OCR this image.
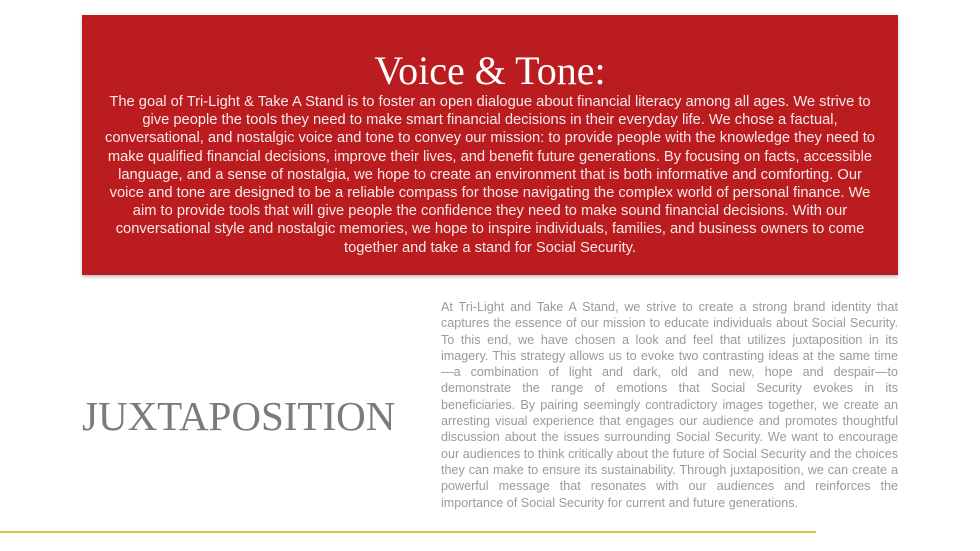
Voice & Tone:

The goal of Tri-Light & Take A Stand is to foster an open dialogue about financial literacy among all ages. We strive to give people the tools they need to make smart financial decisions in their everyday life. We chose a factual, conversational, and nostalgic voice and tone to convey our mission: to provide people with the knowledge they need to make qualified financial decisions, improve their lives, and benefit future generations. By focusing on facts, accessible language, and a sense of nostalgia, we hope to create an environment that is both informative and comforting. Our voice and tone are designed to be a reliable compass for those navigating the complex world of personal finance. We aim to provide tools that will give people the confidence they need to make sound financial decisions. With our conversational style and nostalgic memories, we hope to inspire individuals, families, and business owners to come together and take a stand for Social Security.

JUXTAPOSITION

At Tri-Light and Take A Stand, we strive to create a strong brand identity that captures the essence of our mission to educate individuals about Social Security. To this end, we have chosen a look and feel that utilizes juxtaposition in its imagery. This strategy allows us to evoke two contrasting ideas at the same time—a combination of light and dark, old and new, hope and despair—to demonstrate the range of emotions that Social Security evokes in its beneficiaries. By pairing seemingly contradictory images together, we create an arresting visual experience that engages our audience and promotes thoughtful discussion about the issues surrounding Social Security. We want to encourage our audiences to think critically about the future of Social Security and the choices they can make to ensure its sustainability. Through juxtaposition, we can create a powerful message that resonates with our audiences and reinforces the importance of Social Security for current and future generations.
